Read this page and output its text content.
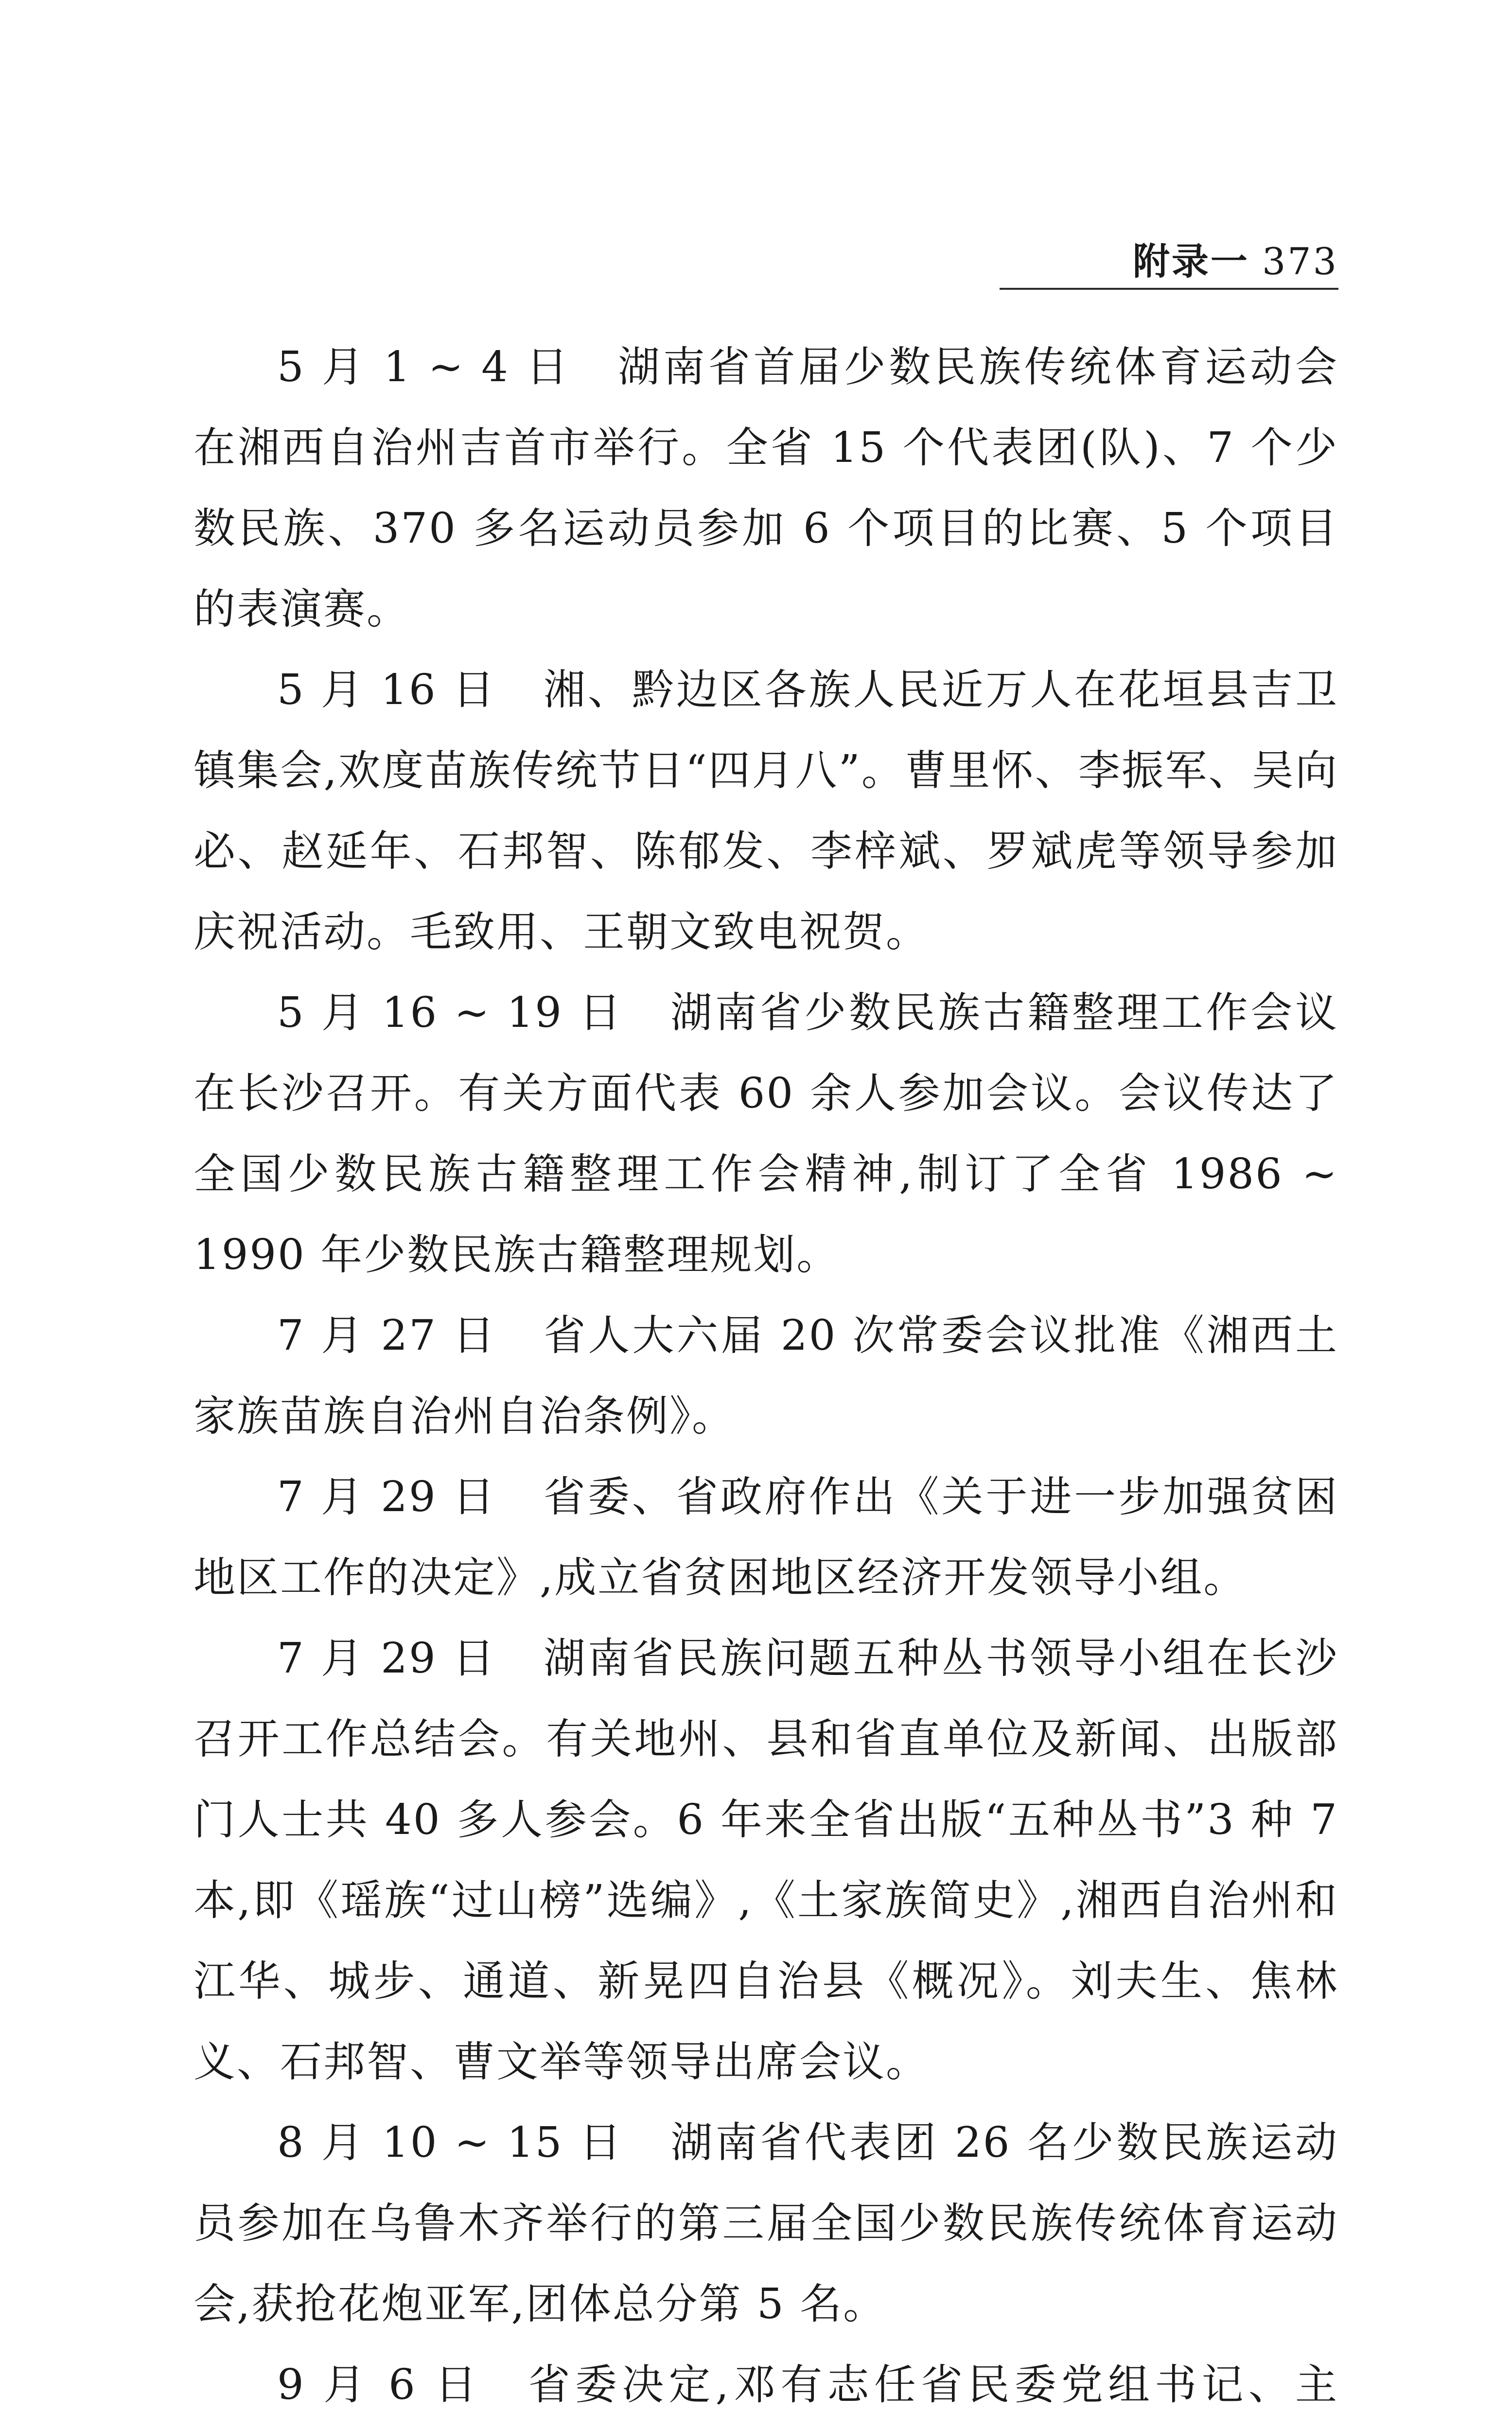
附录一 373

5 月 1 ~ 4 日 湖南省首届少数民族传统体育运动会在湘西自治州吉首市举行。全省 15 个代表团(队)、7 个少数民族、370 多名运动员参加 6 个项目的比赛、5 个项目的表演赛。

5 月 16 日 湘、黔边区各族人民近万人在花垣县吉卫镇集会,欢度苗族传统节日“四月八”。曹里怀、李振军、吴向必、赵延年、石邦智、陈郁发、李梓斌、罗斌虎等领导参加庆祝活动。毛致用、王朝文致电祝贺。

5 月 16 ~ 19 日 湖南省少数民族古籍整理工作会议在长沙召开。有关方面代表 60 余人参加会议。会议传达了全国少数民族古籍整理工作会精神,制订了全省 1986 ~ 1990 年少数民族古籍整理规划。

7 月 27 日 省人大六届 20 次常委会议批准《湘西土家族苗族自治州自治条例》。

7 月 29 日 省委、省政府作出《关于进一步加强贫困地区工作的决定》,成立省贫困地区经济开发领导小组。

7 月 29 日 湖南省民族问题五种丛书领导小组在长沙召开工作总结会。有关地州、县和省直单位及新闻、出版部门人士共 40 多人参会。6 年来全省出版“五种丛书”3 种 7 本,即《瑶族“过山榜”选编》,《土家族简史》,湘西自治州和江华、城步、通道、新晃四自治县《概况》。刘夫生、焦林义、石邦智、曹文举等领导出席会议。

8 月 10 ~ 15 日 湖南省代表团 26 名少数民族运动员参加在乌鲁木齐举行的第三届全国少数民族传统体育运动会,获抢花炮亚军,团体总分第 5 名。

9 月 6 日 省委决定,邓有志任省民委党组书记、主
